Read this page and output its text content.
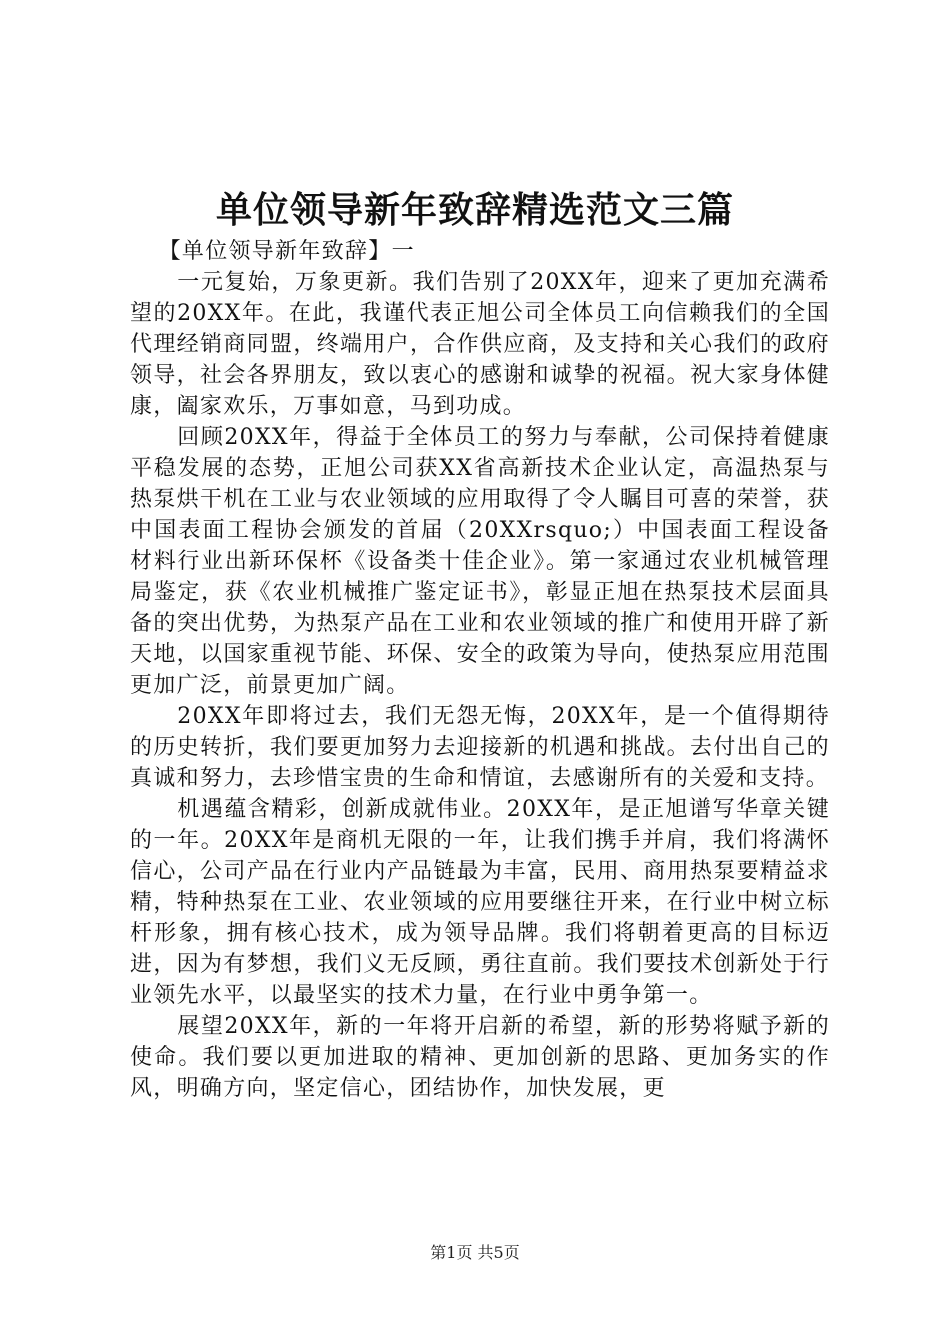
单位领导新年致辞精选范文三篇

【单位领导新年致辞】一

一元复始，万象更新。我们告别了20XX年，迎来了更加充满希望的20XX年。在此，我谨代表正旭公司全体员工向信赖我们的全国代理经销商同盟，终端用户，合作供应商，及支持和关心我们的政府领导，社会各界朋友，致以衷心的感谢和诚挚的祝福。祝大家身体健康，阖家欢乐，万事如意，马到功成。

回顾20XX年，得益于全体员工的努力与奉献，公司保持着健康平稳发展的态势，正旭公司获XX省高新技术企业认定，高温热泵与热泵烘干机在工业与农业领域的应用取得了令人瞩目可喜的荣誉，获中国表面工程协会颁发的首届（20XXrsquo;）中国表面工程设备材料行业出新环保杯《设备类十佳企业》。第一家通过农业机械管理局鉴定，获《农业机械推广鉴定证书》，彰显正旭在热泵技术层面具备的突出优势，为热泵产品在工业和农业领域的推广和使用开辟了新天地，以国家重视节能、环保、安全的政策为导向，使热泵应用范围更加广泛，前景更加广阔。

20XX年即将过去，我们无怨无悔，20XX年，是一个值得期待的历史转折，我们要更加努力去迎接新的机遇和挑战。去付出自己的真诚和努力，去珍惜宝贵的生命和情谊，去感谢所有的关爱和支持。

机遇蕴含精彩，创新成就伟业。20XX年，是正旭谱写华章关键的一年。20XX年是商机无限的一年，让我们携手并肩，我们将满怀信心，公司产品在行业内产品链最为丰富，民用、商用热泵要精益求精，特种热泵在工业、农业领域的应用要继往开来，在行业中树立标杆形象，拥有核心技术，成为领导品牌。我们将朝着更高的目标迈进，因为有梦想，我们义无反顾，勇往直前。我们要技术创新处于行业领先水平，以最坚实的技术力量，在行业中勇争第一。

展望20XX年，新的一年将开启新的希望，新的形势将赋予新的使命。我们要以更加进取的精神、更加创新的思路、更加务实的作风，明确方向，坚定信心，团结协作，加快发展，更

第1页 共5页
